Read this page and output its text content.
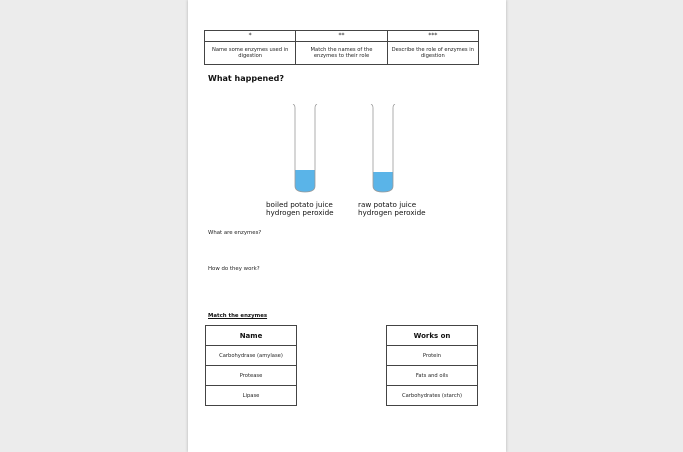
*	**	***
Name some enzymes used in digestion	Match the names of the enzymes to their role	Describe the role of enzymes in digestion
What happened?
boiled potato juice
hydrogen peroxide
raw potato juice
hydrogen peroxide
What are enzymes?
How do they work?
Match the enzymes
Name
Carbohydrase (amylase)
Protease
Lipase
Works on
Protein
Fats and oils
Carbohydrates (starch)
